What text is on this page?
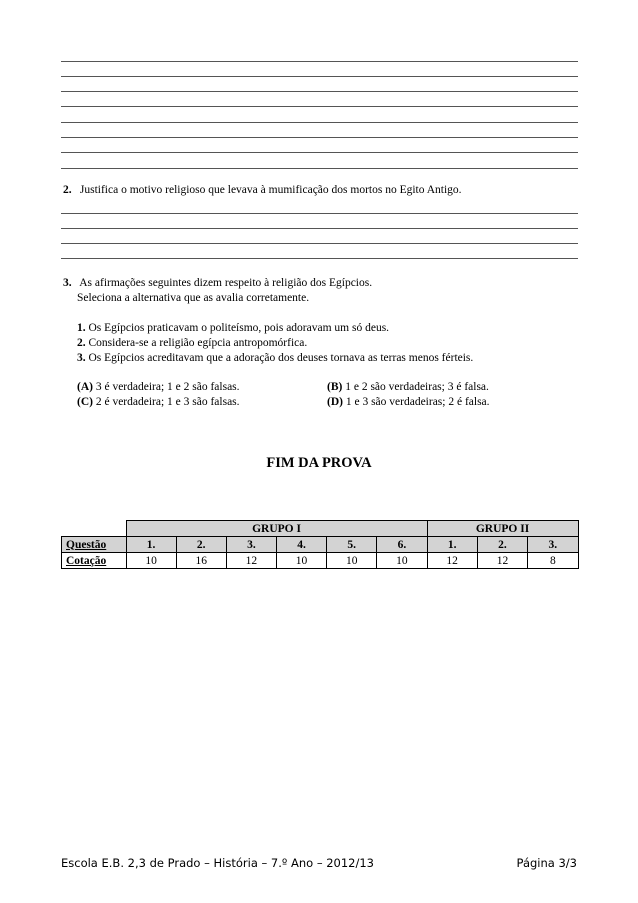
2. Justifica o motivo religioso que levava à mumificação dos mortos no Egito Antigo.
3. As afirmações seguintes dizem respeito à religião dos Egípcios.
Seleciona a alternativa que as avalia corretamente.
1. Os Egípcios praticavam o politeísmo, pois adoravam um só deus.
2. Considera-se a religião egípcia antropomórfica.
3. Os Egípcios acreditavam que a adoração dos deuses tornava as terras menos férteis.
(A) 3 é verdadeira; 1 e 2 são falsas.	(B) 1 e 2 são verdadeiras; 3 é falsa.
(C) 2 é verdadeira; 1 e 3 são falsas.	(D) 1 e 3 são verdadeiras; 2 é falsa.
FIM DA PROVA
	GRUPO I						GRUPO II		
Questão	1.	2.	3.	4.	5.	6.	1.	2.	3.
Cotação	10	16	12	10	10	10	12	12	8
Escola E.B. 2,3 de Prado – História – 7.º Ano – 2012/13	Página 3/3
